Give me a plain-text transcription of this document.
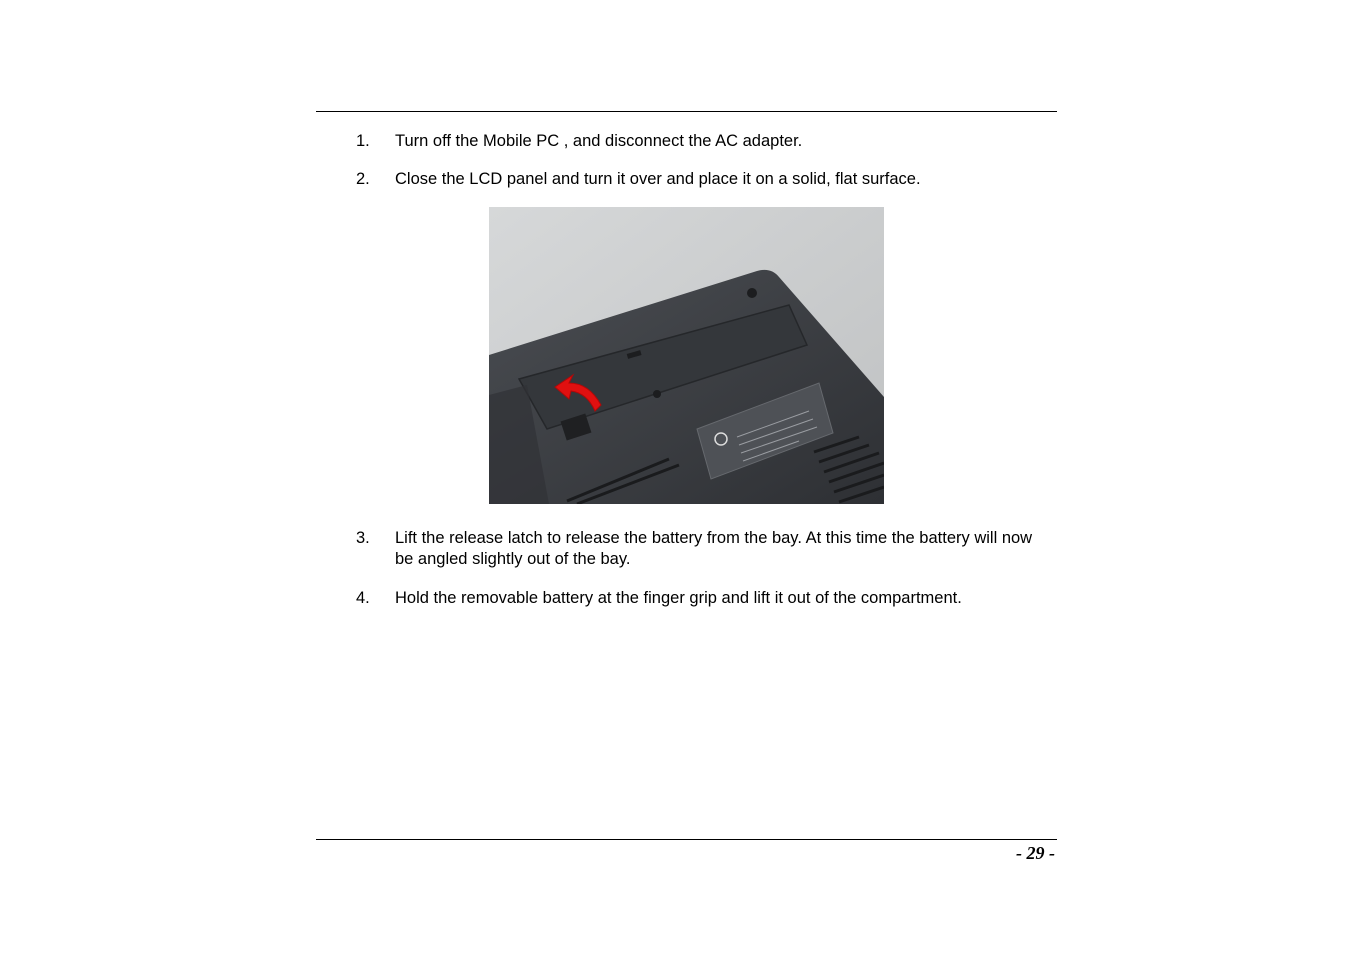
1. Turn off the Mobile PC , and disconnect the AC adapter.
2. Close the LCD panel and turn it over and place it on a solid, flat surface.
3. Lift the release latch to release the battery from the bay. At this time the battery will now be angled slightly out of the bay.
4. Hold the removable battery at the finger grip and lift it out of the compartment.
- 29 -
